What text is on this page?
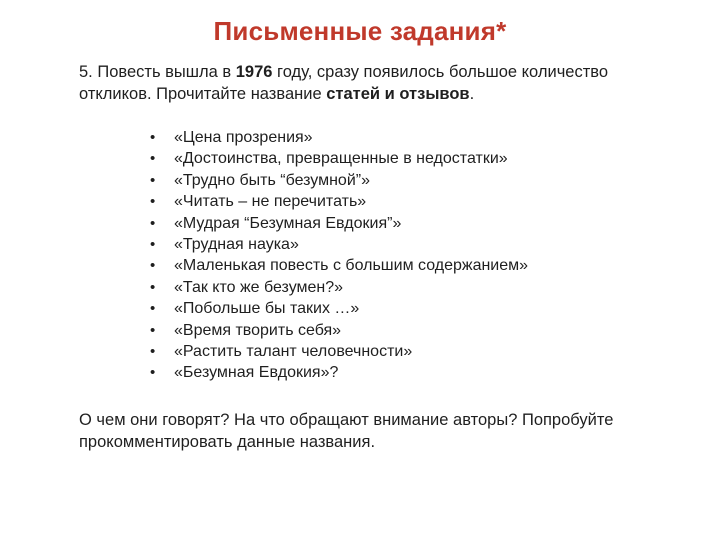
Письменные задания*
5. Повесть вышла в 1976 году, сразу появилось большое количество откликов. Прочитайте название статей и отзывов.
• «Цена прозрения»
• «Достоинства, превращенные в недостатки»
• «Трудно быть “безумной”»
• «Читать – не перечитать»
• «Мудрая “Безумная Евдокия”»
• «Трудная наука»
• «Маленькая повесть с большим содержанием»
• «Так кто же безумен?»
• «Побольше бы таких …»
• «Время творить себя»
• «Растить талант человечности»
• «Безумная Евдокия»?
О чем они говорят? На что обращают внимание авторы? Попробуйте прокомментировать данные названия.
